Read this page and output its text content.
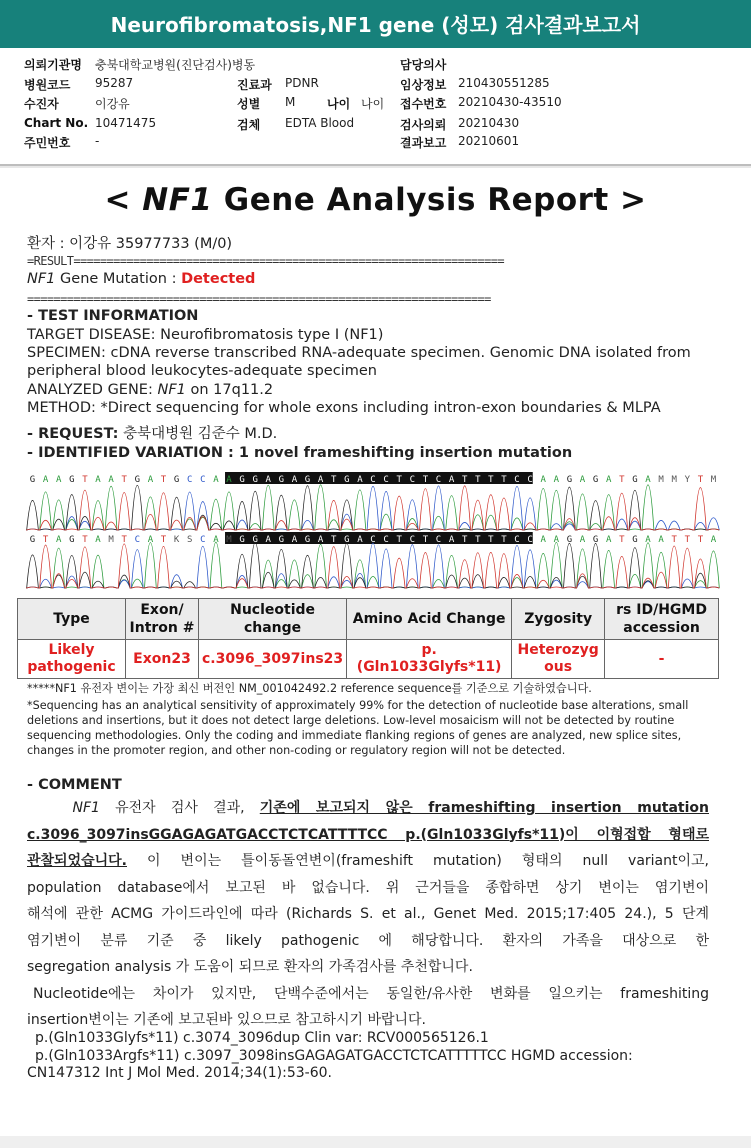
Neurofibromatosis,NF1 gene (성모) 검사결과보고서
의뢰기관명 충북대학교병원(진단검사)병동	담당의사
병원코드 95287	진료과 PDNR	임상정보 210430551285
수진자	이강유	성별 M	나이 나이 접수번호 20210430-43510
Chart No. 10471475	검체 EDTA Blood	검사의뢰 20210430
주민번호 -	결과보고 20210601
< NF1 Gene Analysis Report >
환자 : 이강유 35977733 (M/0)
=RESULT=================================================================
NF1 Gene Mutation : Detected
======================================================================
- TEST INFORMATION
TARGET DISEASE: Neurofibromatosis type I (NF1)
SPECIMEN: cDNA reverse transcribed RNA-adequate specimen. Genomic DNA isolated from
peripheral blood leukocytes-adequate specimen
ANALYZED GENE: NF1 on 17q11.2
METHOD: *Direct sequencing for whole exons including intron-exon boundaries & MLPA
- REQUEST: 충북대병원 김준수 M.D.
- IDENTIFIED VARIATION : 1 novel frameshifting insertion mutation
G A A G T A A T G A T G C C A A G G A G A G A T G A C C T C T C A T T T T C C A A G A G A T G A M M Y T M
G T A G T A M T C A T K S C A M G G A G A G A T G A C C T C T C A T T T T C C A A G A G A T G A A T T T A
Type	Exon/ Intron #	Nucleotide change	Amino Acid Change	Zygosity	rs ID/HGMD accession
Likely pathogenic	Exon23	c.3096_3097ins23	p.(Gln1033Glyfs*11)	Heterozyg ous	-
*****NF1 유전자 변이는 가장 최신 버전인 NM_001042492.2 reference sequence를 기준으로 기술하였습니다.
*Sequencing has an analytical sensitivity of approximately 99% for the detection of nucleotide base alterations, small deletions and insertions, but it does not detect large deletions. Low-level mosaicism will not be detected by routine sequencing methodologies. Only the coding and immediate flanking regions of genes are analyzed, new splice sites, changes in the promoter region, and other non-coding or regulatory region will not be detected.
- COMMENT
NF1 유전자 검사 결과, 기존에 보고되지 않은 frameshifting insertion mutation
c.3096_3097insGGAGAGATGACCTCTCATTTTCC p.(Gln1033Glyfs*11)이 이형접합 형태로
관찰되었습니다. 이 변이는 틀이동돌연변이(frameshift mutation) 형태의 null variant이고,
population database에서 보고된 바 없습니다. 위 근거들을 종합하면 상기 변이는 염기변이
해석에 관한 ACMG 가이드라인에 따라 (Richards S. et al., Genet Med. 2015;17:405 24.), 5 단계
염기변이 분류 기준 중 likely pathogenic 에 해당합니다. 환자의 가족을 대상으로 한
segregation analysis 가 도움이 되므로 환자의 가족검사를 추천합니다.
Nucleotide에는 차이가 있지만, 단백수준에서는 동일한/유사한 변화를 일으키는 frameshiting
insertion변이는 기존에 보고된바 있으므로 참고하시기 바랍니다.
p.(Gln1033Glyfs*11) c.3074_3096dup Clin var: RCV000565126.1
p.(Gln1033Argfs*11) c.3097_3098insGAGAGATGACCTCTCATTTTTCC HGMD accession:
CN147312 Int J Mol Med. 2014;34(1):53-60.
